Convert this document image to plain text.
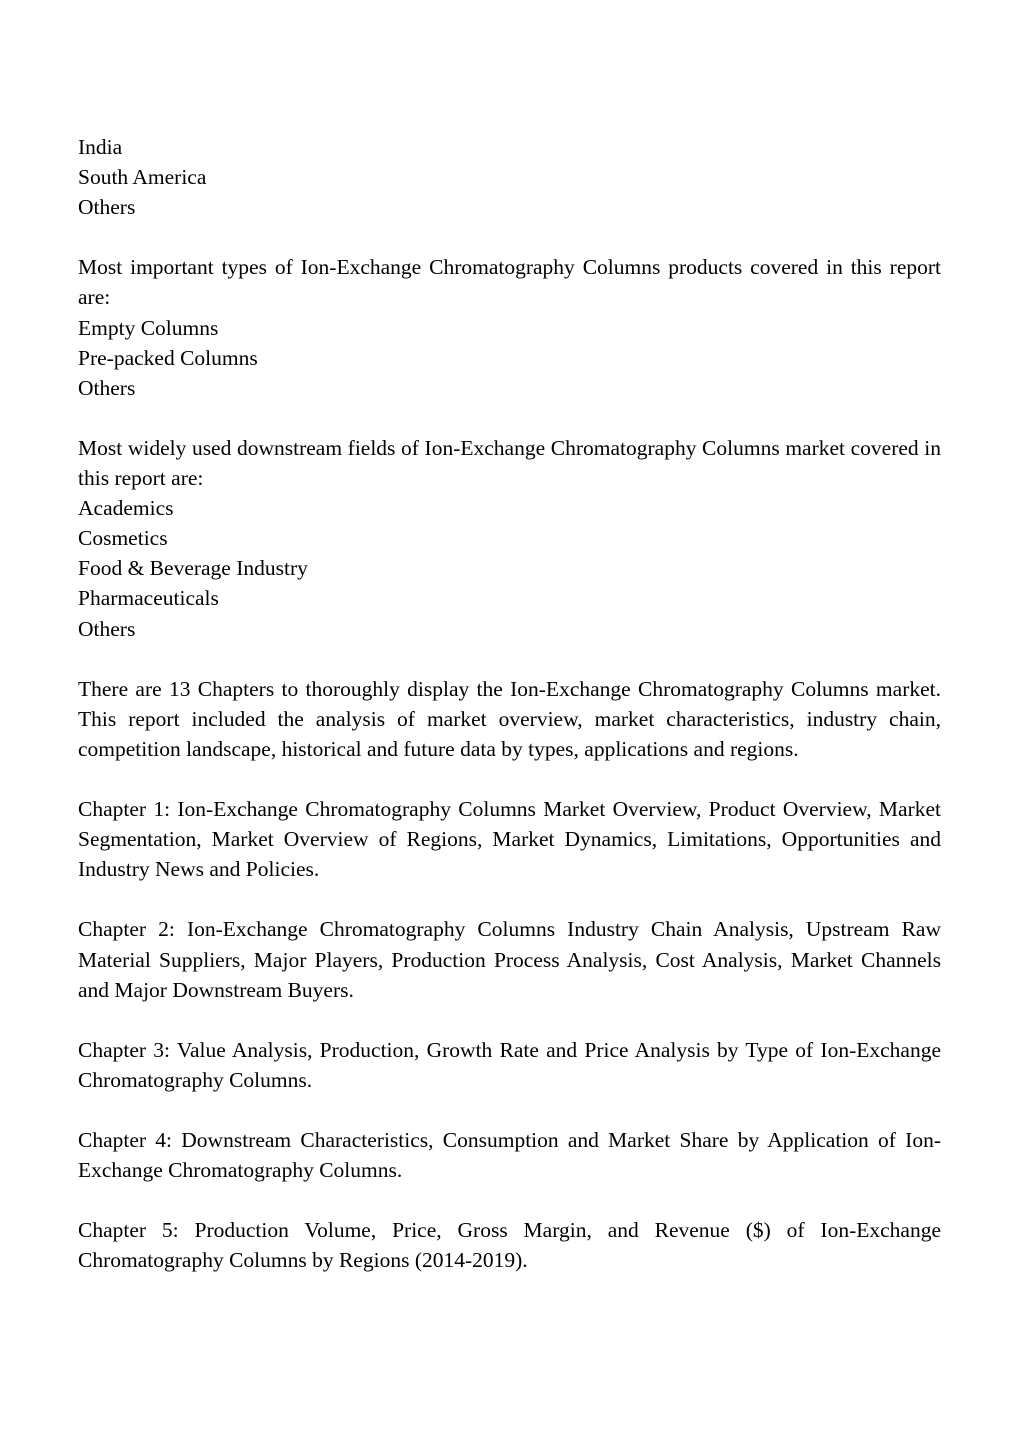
India
South America
Others

Most important types of Ion-Exchange Chromatography Columns products covered in this report are:

Empty Columns
Pre-packed Columns
Others

Most widely used downstream fields of Ion-Exchange Chromatography Columns market covered in this report are:

Academics
Cosmetics
Food & Beverage Industry
Pharmaceuticals
Others

There are 13 Chapters to thoroughly display the Ion-Exchange Chromatography Columns market. This report included the analysis of market overview, market characteristics, industry chain, competition landscape, historical and future data by types, applications and regions.

Chapter 1: Ion-Exchange Chromatography Columns Market Overview, Product Overview, Market Segmentation, Market Overview of Regions, Market Dynamics, Limitations, Opportunities and Industry News and Policies.

Chapter 2: Ion-Exchange Chromatography Columns Industry Chain Analysis, Upstream Raw Material Suppliers, Major Players, Production Process Analysis, Cost Analysis, Market Channels and Major Downstream Buyers.

Chapter 3: Value Analysis, Production, Growth Rate and Price Analysis by Type of Ion-Exchange Chromatography Columns.

Chapter 4: Downstream Characteristics, Consumption and Market Share by Application of Ion-Exchange Chromatography Columns.

Chapter 5: Production Volume, Price, Gross Margin, and Revenue ($) of Ion-Exchange Chromatography Columns by Regions (2014-2019).
